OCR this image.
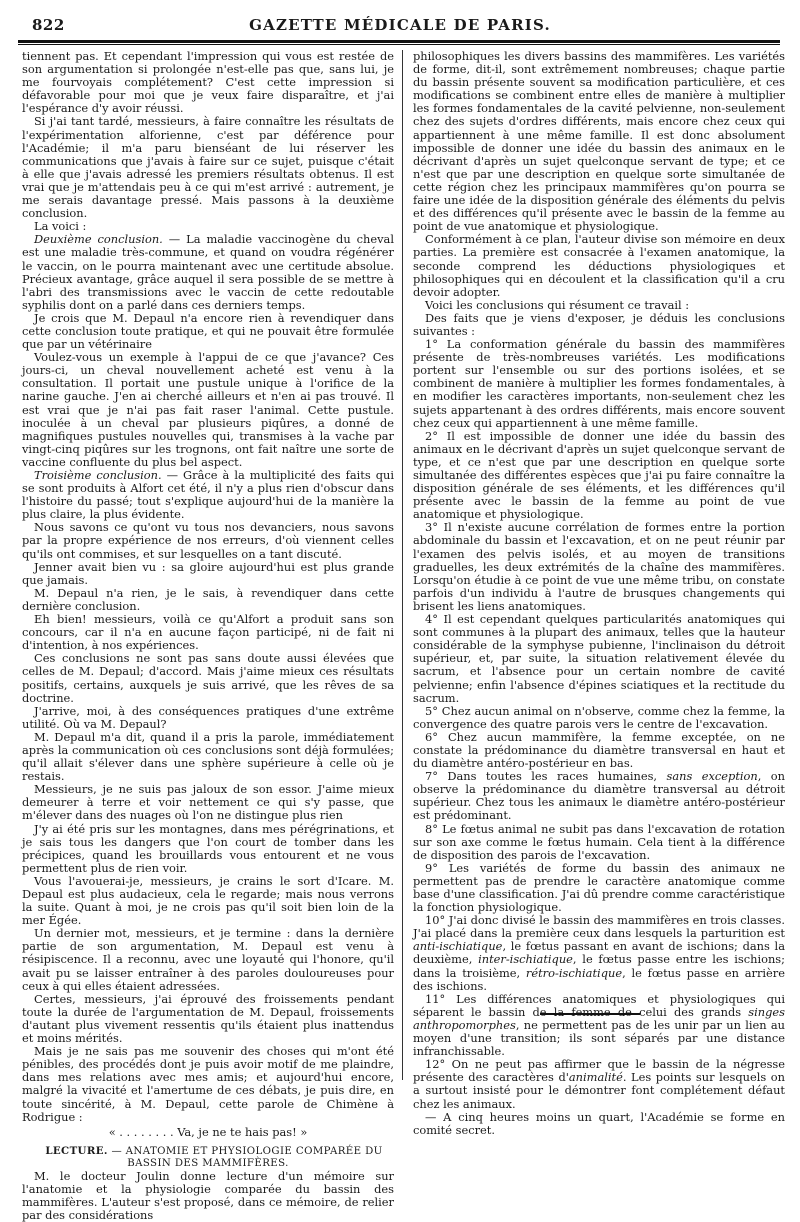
822	GAZETTE MÉDICALE DE PARIS.

tiennent pas. Et cependant l'impression qui vous est restée de son argumentation si prolongée n'est-elle pas que, sans lui, je me fourvoyais complétement? C'est cette impression si défavorable pour moi que je veux faire disparaître, et j'ai l'espérance d'y avoir réussi.

Si j'ai tant tardé, messieurs, à faire connaître les résultats de l'expérimentation alforienne, c'est par déférence pour l'Académie; il m'a paru bienséant de lui réserver les communications que j'avais à faire sur ce sujet, puisque c'était à elle que j'avais adressé les premiers résultats obtenus. Il est vrai que je m'attendais peu à ce qui m'est arrivé : autrement, je me serais davantage pressé. Mais passons à la deuxième conclusion.

La voici :

Deuxième conclusion. — La maladie vaccinogène du cheval est une maladie très-commune, et quand on voudra régénérer le vaccin, on le pourra maintenant avec une certitude absolue. Précieux avantage, grâce auquel il sera possible de se mettre à l'abri des transmissions avec le vaccin de cette redoutable syphilis dont on a parlé dans ces derniers temps.

Je crois que M. Depaul n'a encore rien à revendiquer dans cette conclusion toute pratique, et qui ne pouvait être formulée que par un vétérinaire

Voulez-vous un exemple à l'appui de ce que j'avance? Ces jours-ci, un cheval nouvellement acheté est venu à la consultation. Il portait une pustule unique à l'orifice de la narine gauche. J'en ai cherché ailleurs et n'en ai pas trouvé. Il est vrai que je n'ai pas fait raser l'animal. Cette pustule. inoculée à un cheval par plusieurs piqûres, a donné de magnifiques pustules nouvelles qui, transmises à la vache par vingt-cinq piqûres sur les trognons, ont fait naître une sorte de vaccine confluente du plus bel aspect.

Troisième conclusion. — Grâce à la multiplicité des faits qui se sont produits à Alfort cet été, il n'y a plus rien d'obscur dans l'histoire du passé; tout s'explique aujourd'hui de la manière la plus claire, la plus évidente.

Nous savons ce qu'ont vu tous nos devanciers, nous savons par la propre expérience de nos erreurs, d'où viennent celles qu'ils ont commises, et sur lesquelles on a tant discuté.

Jenner avait bien vu : sa gloire aujourd'hui est plus grande que jamais.

M. Depaul n'a rien, je le sais, à revendiquer dans cette dernière conclusion.

Eh bien! messieurs, voilà ce qu'Alfort a produit sans son concours, car il n'a en aucune façon participé, ni de fait ni d'intention, à nos expériences.

Ces conclusions ne sont pas sans doute aussi élevées que celles de M. Depaul; d'accord. Mais j'aime mieux ces résultats positifs, certains, auxquels je suis arrivé, que les rêves de sa doctrine.

J'arrive, moi, à des conséquences pratiques d'une extrême utilité. Où va M. Depaul?

M. Depaul m'a dit, quand il a pris la parole, immédiatement après la communication où ces conclusions sont déjà formulées; qu'il allait s'élever dans une sphère supérieure à celle où je restais.

Messieurs, je ne suis pas jaloux de son essor. J'aime mieux demeurer à terre et voir nettement ce qui s'y passe, que m'élever dans des nuages où l'on ne distingue plus rien

J'y ai été pris sur les montagnes, dans mes pérégrinations, et je sais tous les dangers que l'on court de tomber dans les précipices, quand les brouillards vous entourent et ne vous permettent plus de rien voir.

Vous l'avouerai-je, messieurs, je crains le sort d'Icare. M. Depaul est plus audacieux, cela le regarde; mais nous verrons la suite. Quant à moi, je ne crois pas qu'il soit bien loin de la mer Égée.

Un dernier mot, messieurs, et je termine : dans la dernière partie de son argumentation, M. Depaul est venu à résipiscence. Il a reconnu, avec une loyauté qui l'honore, qu'il avait pu se laisser entraîner à des paroles douloureuses pour ceux à qui elles étaient adressées.

Certes, messieurs, j'ai éprouvé des froissements pendant toute la durée de l'argumentation de M. Depaul, froissements d'autant plus vivement ressentis qu'ils étaient plus inattendus et moins mérités.

Mais je ne sais pas me souvenir des choses qui m'ont été pénibles, des procédés dont je puis avoir motif de me plaindre, dans mes relations avec mes amis; et aujourd'hui encore, malgré la vivacité et l'amertume de ces débats, je puis dire, en toute sincérité, à M. Depaul, cette parole de Chimène à Rodrigue :

« . . . . . . . . Va, je ne te hais pas! »

LECTURE. — ANATOMIE ET PHYSIOLOGIE COMPARÉE DU BASSIN DES MAMMIFÈRES.

M. le docteur Joulin donne lecture d'un mémoire sur l'anatomie et la physiologie comparée du bassin des mammifères. L'auteur s'est proposé, dans ce mémoire, de relier par des considérations

philosophiques les divers bassins des mammifères. Les variétés de forme, dit-il, sont extrêmement nombreuses; chaque partie du bassin présente souvent sa modification particulière, et ces modifications se combinent entre elles de manière à multiplier les formes fondamentales de la cavité pelvienne, non-seulement chez des sujets d'ordres différents, mais encore chez ceux qui appartiennent à une même famille. Il est donc absolument impossible de donner une idée du bassin des animaux en le décrivant d'après un sujet quelconque servant de type; et ce n'est que par une description en quelque sorte simultanée de cette région chez les principaux mammifères qu'on pourra se faire une idée de la disposition générale des éléments du pelvis et des différences qu'il présente avec le bassin de la femme au point de vue anatomique et physiologique.

Conformément à ce plan, l'auteur divise son mémoire en deux parties. La première est consacrée à l'examen anatomique, la seconde comprend les déductions physiologiques et philosophiques qui en découlent et la classification qu'il a cru devoir adopter.

Voici les conclusions qui résument ce travail :

Des faits que je viens d'exposer, je déduis les conclusions suivantes :

1° La conformation générale du bassin des mammifères présente de très-nombreuses variétés. Les modifications portent sur l'ensemble ou sur des portions isolées, et se combinent de manière à multiplier les formes fondamentales, à en modifier les caractères importants, non-seulement chez les sujets appartenant à des ordres différents, mais encore souvent chez ceux qui appartiennent à une même famille.

2° Il est impossible de donner une idée du bassin des animaux en le décrivant d'après un sujet quelconque servant de type, et ce n'est que par une description en quelque sorte simultanée des différentes espèces que j'ai pu faire connaître la disposition générale de ses éléments, et les différences qu'il présente avec le bassin de la femme au point de vue anatomique et physiologique.

3° Il n'existe aucune corrélation de formes entre la portion abdominale du bassin et l'excavation, et on ne peut réunir par l'examen des pelvis isolés, et au moyen de transitions graduelles, les deux extrémités de la chaîne des mammifères. Lorsqu'on étudie à ce point de vue une même tribu, on constate parfois d'un individu à l'autre de brusques changements qui brisent les liens anatomiques.

4° Il est cependant quelques particularités anatomiques qui sont communes à la plupart des animaux, telles que la hauteur considérable de la symphyse pubienne, l'inclinaison du détroit supérieur, et, par suite, la situation relativement élevée du sacrum, et l'absence pour un certain nombre de cavité pelvienne; enfin l'absence d'épines sciatiques et la rectitude du sacrum.

5° Chez aucun animal on n'observe, comme chez la femme, la convergence des quatre parois vers le centre de l'excavation.

6° Chez aucun mammifère, la femme exceptée, on ne constate la prédominance du diamètre transversal en haut et du diamètre antéro-postérieur en bas.

7° Dans toutes les races humaines, sans exception, on observe la prédominance du diamètre transversal au détroit supérieur. Chez tous les animaux le diamètre antéro-postérieur est prédominant.

8° Le fœtus animal ne subit pas dans l'excavation de rotation sur son axe comme le fœtus humain. Cela tient à la différence de disposition des parois de l'excavation.

9° Les variétés de forme du bassin des animaux ne permettent pas de prendre le caractère anatomique comme base d'une classification. J'ai dû prendre comme caractéristique la fonction physiologique.

10° J'ai donc divisé le bassin des mammifères en trois classes. J'ai placé dans la première ceux dans lesquels la parturition est anti-ischiatique, le fœtus passant en avant de ischions; dans la deuxième, inter-ischiatique, le fœtus passe entre les ischions; dans la troisième, rétro-ischiatique, le fœtus passe en arrière des ischions.

11° Les différences anatomiques et physiologiques qui séparent le bassin de la femme de celui des grands singes anthropomorphes, ne permettent pas de les unir par un lien au moyen d'une transition; ils sont séparés par une distance infranchissable.

12° On ne peut pas affirmer que le bassin de la négresse présente des caractères d'animalité. Les points sur lesquels on a surtout insisté pour le démontrer font complétement défaut chez les animaux.

— A cinq heures moins un quart, l'Académie se forme en comité secret.
